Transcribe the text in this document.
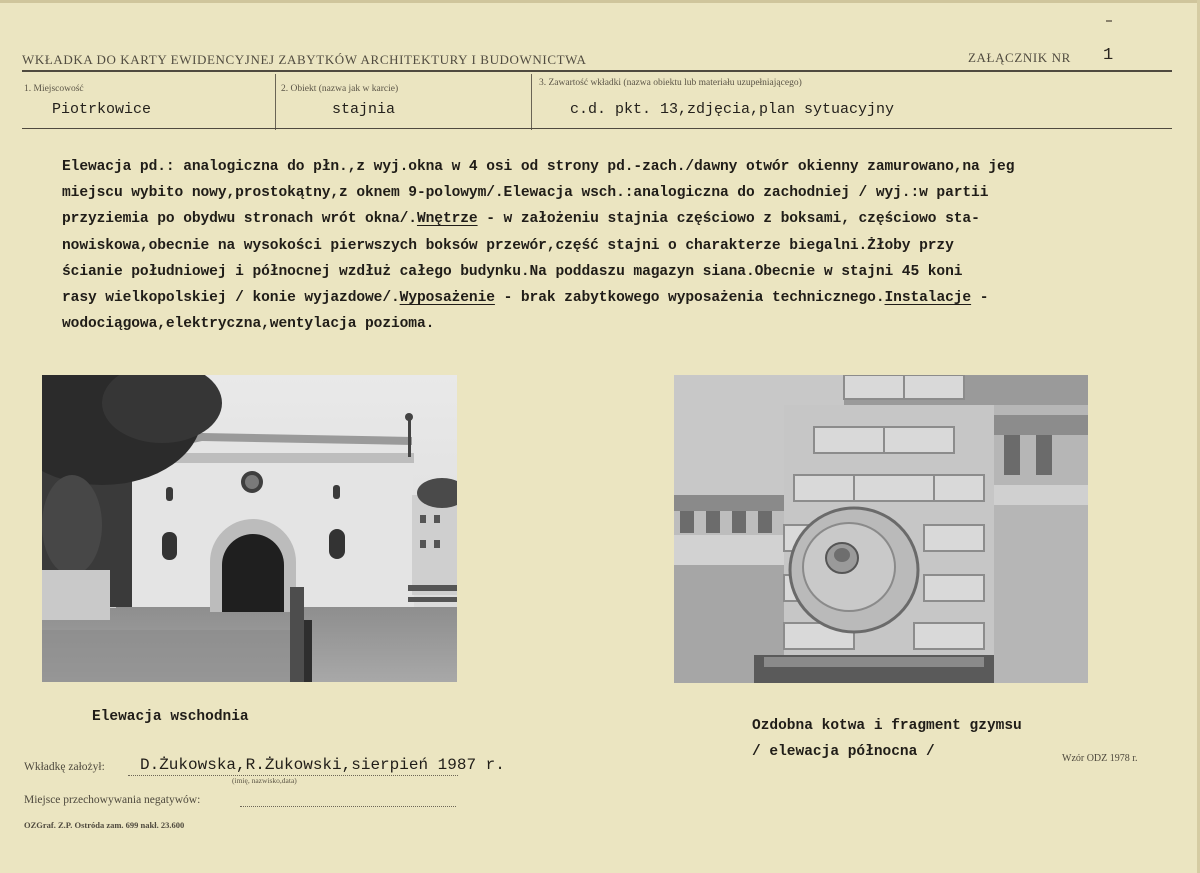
WKŁADKA DO KARTY EWIDENCYJNEJ ZABYTKÓW ARCHITEKTURY I BUDOWNICTWA	ZAŁĄCZNIK NR 1
1. Miejscowość
Piotrkowice
2. Obiekt (nazwa jak w karcie)
stajnia
3. Zawartość wkładki (nazwa obiektu lub materiału uzupełniającego)
c.d. pkt. 13,zdjęcia,plan sytuacyjny
Elewacja pd.: analogiczna do płn.,z wyj.okna w 4 osi od strony pd.-zach./dawny otwór okienny zamurowano,na jeg
miejscu wybito nowy,prostokątny,z oknem 9-polowym/.Elewacja wsch.:analogiczna do zachodniej / wyj.:w partii
przyziemia po obydwu stronach wrót okna/.Wnętrze - w założeniu stajnia częściowo z boksami, częściowo sta-
nowiskowa,obecnie na wysokości pierwszych boksów przewór,część stajni o charakterze biegalni.Żłoby przy
ścianie południowej i północnej wzdłuż całego budynku.Na poddaszu magazyn siana.Obecnie w stajni 45 koni
rasy wielkopolskiej / konie wyjazdowe/.Wyposażenie - brak zabytkowego wyposażenia technicznego.Instalacje -
wodociągowa,elektryczna,wentylacja pozioma.
Elewacja wschodnia
Ozdobna kotwa i fragment gzymsu
/ elewacja północna /
Wkładkę założył: D.Żukowska,R.Żukowski,sierpień 1987 r.
(imię, nazwisko,data)
Wzór ODZ 1978 r.
Miejsce przechowywania negatywów:
OZGraf. Z.P. Ostróda zam. 699 nakł. 23.600
